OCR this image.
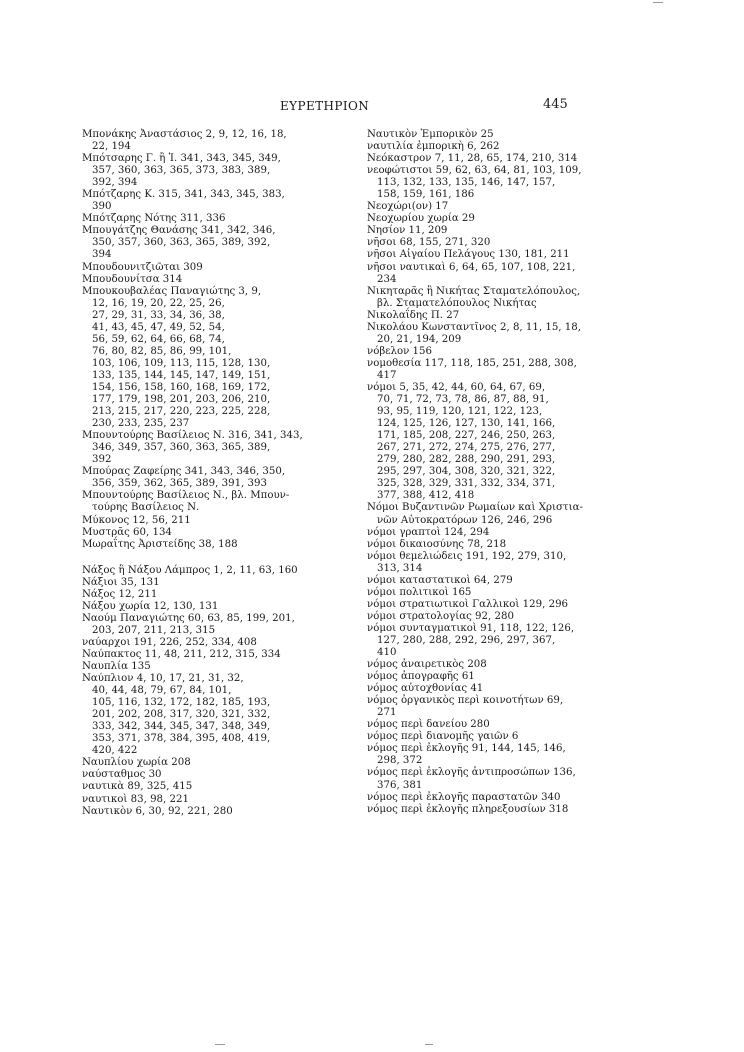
ΕΥΡΕΤΗΡΙΟΝ	445
Μπονάκης Ἀναστάσιος 2, 9, 12, 16, 18,
22, 194
Μπότσαρης Γ. ἢ Ἰ. 341, 343, 345, 349,
357, 360, 363, 365, 373, 383, 389,
392, 394
Μπότζαρης Κ. 315, 341, 343, 345, 383,
390
Μπότζαρης Νότης 311, 336
Μπουγάτζης Θανάσης 341, 342, 346,
350, 357, 360, 363, 365, 389, 392,
394
Μπουδουνιτζιῶται 309
Μπουδουνίτσα 314
Μπουκουβαλέας Παναγιώτης 3, 9,
12, 16, 19, 20, 22, 25, 26,
27, 29, 31, 33, 34, 36, 38,
41, 43, 45, 47, 49, 52, 54,
56, 59, 62, 64, 66, 68, 74,
76, 80, 82, 85, 86, 99, 101,
103, 106, 109, 113, 115, 128, 130,
133, 135, 144, 145, 147, 149, 151,
154, 156, 158, 160, 168, 169, 172,
177, 179, 198, 201, 203, 206, 210,
213, 215, 217, 220, 223, 225, 228,
230, 233, 235, 237
Μπουντούρης Βασίλειος Ν. 316, 341, 343,
346, 349, 357, 360, 363, 365, 389,
392
Μπούρας Ζαφείρης 341, 343, 346, 350,
356, 359, 362, 365, 389, 391, 393
Μπουντούρης Βασίλειος Ν., βλ. Μπουν-
τούρης Βασίλειος Ν.
Μύκονος 12, 56, 211
Μυστρᾶς 60, 134
Μωραΐτης Ἀριστείδης 38, 188
Νάξος ἢ Νάξου Λάμπρος 1, 2, 11, 63, 160
Νάξιοι 35, 131
Νάξος 12, 211
Νάξου χωρία 12, 130, 131
Ναούμ Παναγιώτης 60, 63, 85, 199, 201,
203, 207, 211, 213, 315
ναύαρχοι 191, 226, 252, 334, 408
Ναύπακτος 11, 48, 211, 212, 315, 334
Ναυπλία 135
Ναύπλιον 4, 10, 17, 21, 31, 32,
40, 44, 48, 79, 67, 84, 101,
105, 116, 132, 172, 182, 185, 193,
201, 202, 208, 317, 320, 321, 332,
333, 342, 344, 345, 347, 348, 349,
353, 371, 378, 384, 395, 408, 419,
420, 422
Ναυπλίου χωρία 208
ναύσταθμος 30
ναυτικὰ 89, 325, 415
ναυτικοὶ 83, 98, 221
Ναυτικὸν 6, 30, 92, 221, 280
Ναυτικὸν Ἐμπορικὸν 25
ναυτιλία ἐμπορικὴ 6, 262
Νεόκαστρον 7, 11, 28, 65, 174, 210, 314
νεοφώτιστοι 59, 62, 63, 64, 81, 103, 109,
113, 132, 133, 135, 146, 147, 157,
158, 159, 161, 186
Νεοχώρι(ον) 17
Νεοχωρίου χωρία 29
Νησίον 11, 209
νῆσοι 68, 155, 271, 320
νῆσοι Αἰγαίου Πελάγους 130, 181, 211
νῆσοι ναυτικαὶ 6, 64, 65, 107, 108, 221,
234
Νικηταρᾶς ἢ Νικήτας Σταματελόπουλος,
βλ. Σταματελόπουλος Νικήτας
Νικολαΐδης Π. 27
Νικολάου Κωνσταντῖνος 2, 8, 11, 15, 18,
20, 21, 194, 209
νόβελον 156
νομοθεσία 117, 118, 185, 251, 288, 308,
417
νόμοι 5, 35, 42, 44, 60, 64, 67, 69,
70, 71, 72, 73, 78, 86, 87, 88, 91,
93, 95, 119, 120, 121, 122, 123,
124, 125, 126, 127, 130, 141, 166,
171, 185, 208, 227, 246, 250, 263,
267, 271, 272, 274, 275, 276, 277,
279, 280, 282, 288, 290, 291, 293,
295, 297, 304, 308, 320, 321, 322,
325, 328, 329, 331, 332, 334, 371,
377, 388, 412, 418
Νόμοι Βυζαντινῶν Ρωμαίων καὶ Χριστια-
νῶν Αὐτοκρατόρων 126, 246, 296
νόμοι γραπτοὶ 124, 294
νόμοι δικαιοσύνης 78, 218
νόμοι θεμελιώδεις 191, 192, 279, 310,
313, 314
νόμοι καταστατικοὶ 64, 279
νόμοι πολιτικοὶ 165
νόμοι στρατιωτικοὶ Γαλλικοὶ 129, 296
νόμοι στρατολογίας 92, 280
νόμοι συνταγματικοὶ 91, 118, 122, 126,
127, 280, 288, 292, 296, 297, 367,
410
νόμος ἀναιρετικὸς 208
νόμος ἀπογραφῆς 61
νόμος αὐτοχθονίας 41
νόμος ὀργανικὸς περὶ κοινοτήτων 69,
271
νόμος περὶ δανείου 280
νόμος περὶ διανομῆς γαιῶν 6
νόμος περὶ ἐκλογῆς 91, 144, 145, 146,
298, 372
νόμος περὶ ἐκλογῆς ἀντιπροσώπων 136,
376, 381
νόμος περὶ ἐκλογῆς παραστατῶν 340
νόμος περὶ ἐκλογῆς πληρεξουσίων 318
